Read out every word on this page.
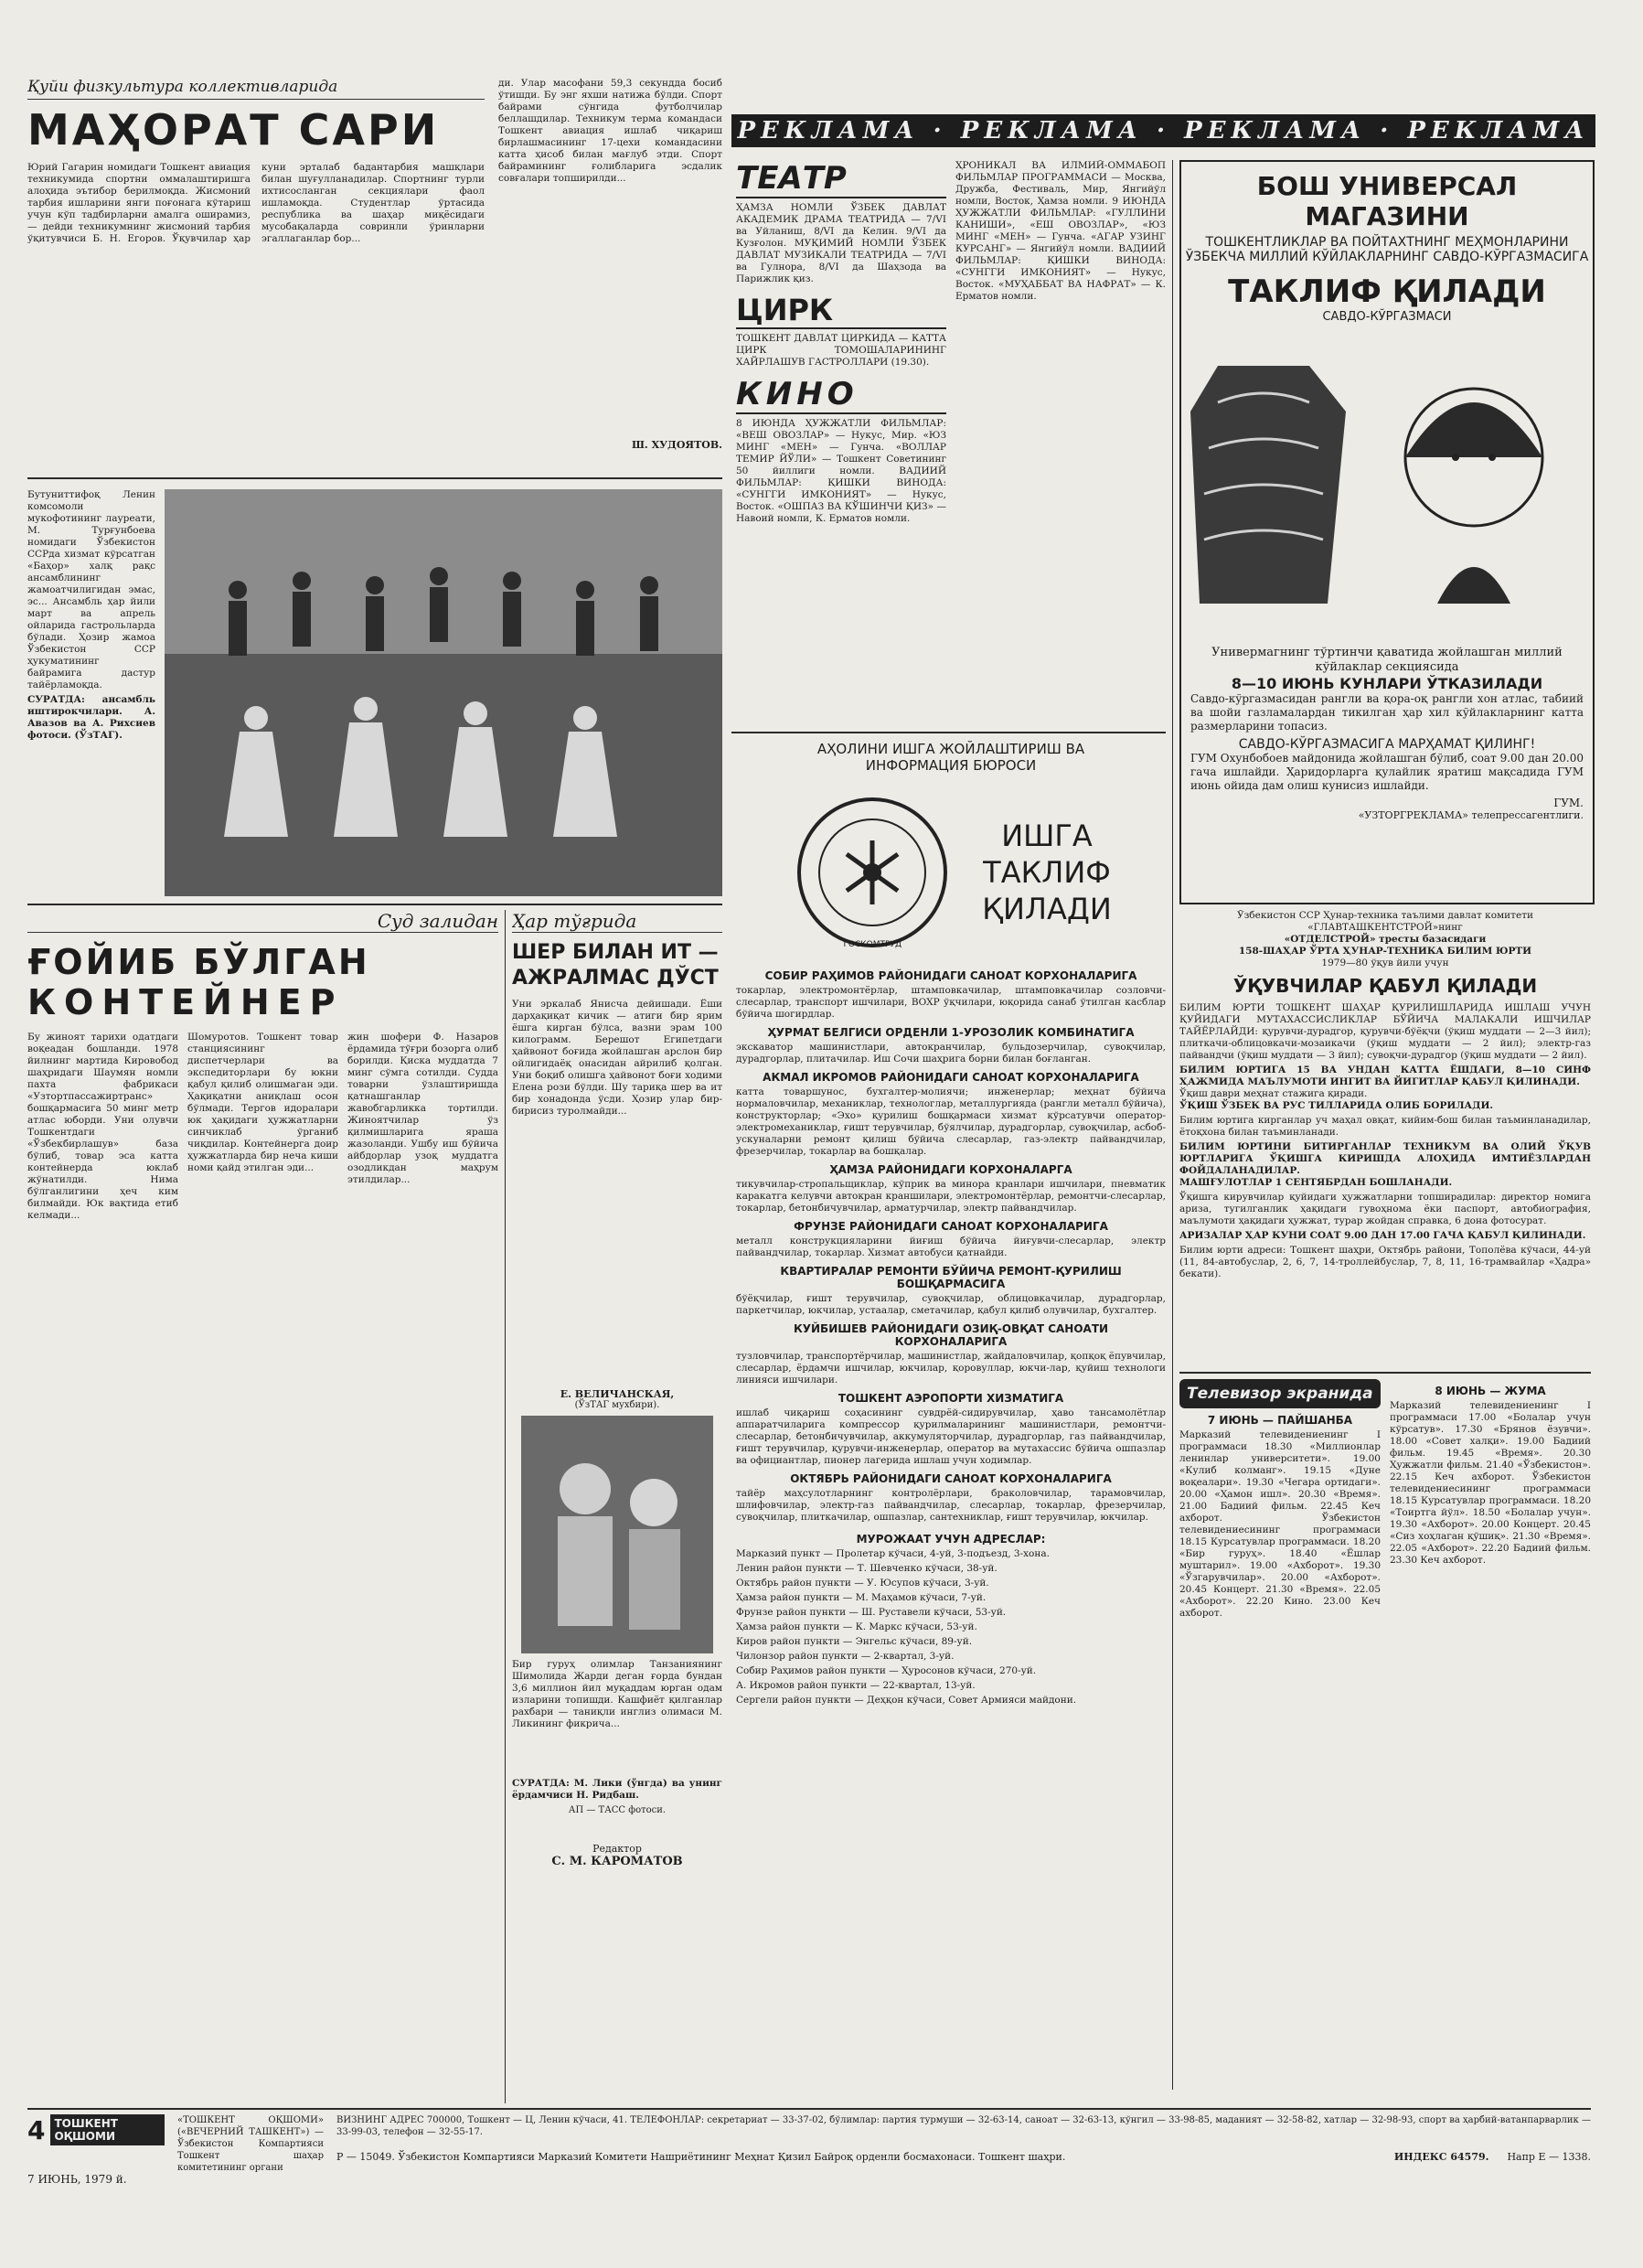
Қуйи физкультура коллективларида
МАҲОРАТ САРИ
Юрий Гагарин номидаги Тошкент авиация техникумида спортни оммалаштиришга алоҳида эътибор берилмоқда. Жисмоний тарбия ишларини янги поғонага кўтариш учун кўп тадбирларни амалга оширамиз, — дейди техникумнинг жисмоний тарбия ўқитувчиси Б. Н. Егоров. Ўқувчилар ҳар куни эрталаб бадантарбия машқлари билан шуғулланадилар. Спортнинг турли ихтисосланган секциялари фаол ишламоқда. Студентлар ўртасида республика ва шаҳар миқёсидаги мусобақаларда совринли ўринларни эгаллаганлар бор...
ди. Улар масофани 59,3 секундда босиб ўтишди. Бу энг яхши натижа бўлди. Спорт байрами сўнгида футболчилар беллашдилар. Техникум терма командаси Тошкент авиация ишлаб чиқариш бирлашмасининг 17-цехи командасини катта ҳисоб билан мағлуб этди. Спорт байрамининг ғолибларига эсдалик совғалари топширилди...
Ш. ХУДОЯТОВ.

Бутуниттифоқ Ленин комсомоли мукофотининг лауреати, М. Турғунбоева номидаги Ўзбекистон ССРда хизмат кўрсатган «Баҳор» халқ рақс ансамблининг жамоатчилигидан эмас, эс... Ансамбль ҳар йили март ва апрель ойларида гастрольларда бўлади. Ҳозир жамоа Ўзбекистон ССР ҳукуматининг байрамига дастур тайёрламоқда.

СУРАТДА: ансамбль иштирокчилари. А. Авазов ва А. Рихсиев фотоси. (ЎзТАГ).

Суд залидан
ҒОЙИБ БЎЛГАН
КОНТЕЙНЕР
Бу жиноят тарихи одатдаги воқеадан бошланди. 1978 йилнинг мартида Кировобод шаҳридаги Шаумян номли пахта фабрикаси «Узтортпассажиртранс» бошқармасига 50 минг метр атлас юборди. Уни олувчи Тошкентдаги «Ўзбекбирлашув» база бўлиб, товар эса катта контейнерда юклаб жўнатилди. Нима бўлганлигини ҳеч ким билмайди. Юк вақтида етиб келмади...
Шомуротов. Тошкент товар станциясининг диспетчерлари ва экспедиторлари бу юкни қабул қилиб олишмаган эди. Ҳақиқатни аниқлаш осон бўлмади. Тергов идоралари юк ҳақидаги ҳужжатларни синчиклаб ўрганиб чиқдилар. Контейнерга доир ҳужжатларда бир неча киши номи қайд этилган эди...
жин шофери Ф. Назаров ёрдамида тўғри бозорга олиб борилди. Қиска муддатда 7 минг сўмга сотилди. Судда товарни ўзлаштиришда қатнашганлар жавобгарликка тортилди. Жиноятчилар ўз қилмишларига яраша жазоланди. Ушбу иш бўйича айбдорлар узоқ муддатга озодликдан маҳрум этилдилар...
Ҳар тўғрида
ШЕР БИЛАН ИТ — АЖРАЛМАС ДЎСТ
Уни эркалаб Янисча дейишади. Ёши дарҳақиқат кичик — атиги бир ярим ёшга кирган бўлса, вазни эрам 100 килограмм. Берешот Египетдаги ҳайвонот боғида жойлашган арслон бир ойлигидаёқ онасидан айрилиб қолган. Уни боқиб олишга ҳайвонот боғи ходими Елена рози бўлди. Шу тариқа шер ва ит бир хонадонда ўсди. Ҳозир улар бир-бирисиз туролмайди...
Е. ВЕЛИЧАНСКАЯ,
(ЎзТАГ мухбири).
Бир гуруҳ олимлар Танзаниянинг Шимолида Жарди деган ғорда бундан 3,6 миллион йил муқаддам юрган одам изларини топишди. Кашфиёт қилганлар рахбари — таниқли инглиз олимаси М. Ликининг фикрича...
СУРАТДА: М. Лики (ўнгда) ва унинг ёрдамчиси Н. Ридбаш.
АП — ТАСС фотоси.
Редактор
С. М. КАРОМАТОВ
РЕКЛАМА · РЕКЛАМА · РЕКЛАМА · РЕКЛАМА
ТЕАТР
ҲАМЗА НОМЛИ ЎЗБЕК ДАВЛАТ АКАДЕМИК ДРАМА ТЕАТРИДА — 7/VI ва Уйланиш, 8/VI да Келин. 9/VI да Кузғолон. МУҚИМИЙ НОМЛИ ЎЗБЕК ДАВЛАТ МУЗИКАЛИ ТЕАТРИДА — 7/VI ва Гулнора, 8/VI да Шаҳзода ва Парижлик қиз.
ЦИРК
ТОШКЕНТ ДАВЛАТ ЦИРКИДА — КАТТА ЦИРК ТОМОШАЛАРИНИНГ ХАЙРЛАШУВ ГАСТРОЛЛАРИ (19.30).
КИНО
8 ИЮНДА ҲУЖЖАТЛИ ФИЛЬМЛАР: «ВЕШ ОВОЗЛАР» — Нукус, Мир. «ЮЗ МИНГ «МЕН» — Гунча. «ВОЛЛАР ТЕМИР ЙЎЛИ» — Тошкент Советининг 50 йиллиги номли. ВАДИИЙ ФИЛЬМЛАР: ҚИШКИ ВИНОДА: «СУНГГИ ИМКОНИЯТ» — Нукус, Восток. «ОШПАЗ ВА КЎШИНЧИ ҚИЗ» — Навоий номли, К. Ерматов номли.
ҲРОНИКАЛ ВА ИЛМИЙ-ОММАБОП ФИЛЬМЛАР ПРОГРАММАСИ — Москва, Дружба, Фестиваль, Мир, Янгийўл номли, Восток, Ҳамза номли. 9 ИЮНДА ҲУЖЖАТЛИ ФИЛЬМЛАР: «ГУЛЛИНИ КАНИШИ», «ЕШ ОВОЗЛАР», «ЮЗ МИНГ «МЕН» — Гунча. «АГАР УЗИНГ КУРСАНГ» — Янгийўл номли. ВАДИИЙ ФИЛЬМЛАР: ҚИШКИ ВИНОДА: «СУНГГИ ИМКОНИЯТ» — Нукус, Восток. «МУҲАББАТ ВА НАФРАТ» — К. Ерматов номли.
АҲОЛИНИ ИШГА ЖОЙЛАШТИРИШ ВА
ИНФОРМАЦИЯ БЮРОСИ
ГОСКОМТРУД
ИШГА
ТАКЛИФ
ҚИЛАДИ
СОБИР РАҲИМОВ РАЙОНИДАГИ САНОАТ КОРХОНАЛАРИГА
токарлар, электромонтёрлар, штамповкачилар, штамповкачилар созловчи-слесарлар, транспорт ишчилари, ВОХР ўқчилари, юқорида санаб ўтилган касблар бўйича шогирдлар.
ҲУРМАТ БЕЛГИСИ ОРДЕНЛИ 1-УРОЗОЛИК КОМБИНАТИГА
экскаватор машинистлари, автокранчилар, бульдозерчилар, сувоқчилар, дурадгорлар, плитачилар. Иш Сочи шаҳрига борни билан боғланган.
АКМАЛ ИКРОМОВ РАЙОНИДАГИ САНОАТ КОРХОНАЛАРИГА
катта товаршунос, бухгалтер-молиячи; инженерлар; меҳнат бўйича нормаловчилар, механиклар, технологлар, металлургияда (рангли металл бўйича), конструкторлар; «Эхо» қурилиш бошқармаси хизмат кўрсатувчи оператор-электромеханиклар, ғишт терувчилар, бўялчилар, дурадгорлар, сувоқчилар, асбоб-ускуналарни ремонт қилиш бўйича слесарлар, газ-электр пайвандчилар, фрезерчилар, токарлар ва бошқалар.
ҲАМЗА РАЙОНИДАГИ КОРХОНАЛАРГА
тикувчилар-стропальщиклар, кўприк ва минора кранлари ишчилари, пневматик каракатга келувчи автокран краншилари, электромонтёрлар, ремонтчи-слесарлар, токарлар, бетонбичувчилар, арматурчилар, электр пайвандчилар.
ФРУНЗЕ РАЙОНИДАГИ САНОАТ КОРХОНАЛАРИГА
металл конструкцияларини йиғиш бўйича йиғувчи-слесарлар, электр пайвандчилар, токарлар. Хизмат автобуси қатнайди.
КВАРТИРАЛАР РЕМОНТИ БЎЙИЧА РЕМОНТ-ҚУРИЛИШ БОШҚАРМАСИГА
бўёқчилар, ғишт терувчилар, сувоқчилар, облицовкачилар, дурадгорлар, паркетчилар, юкчилар, устаалар, сметачилар, қабул қилиб олувчилар, бухгалтер.
КУЙБИШЕВ РАЙОНИДАГИ ОЗИҚ-ОВҚАТ САНОАТИ КОРХОНАЛАРИГА
тузловчилар, транспортёрчилар, машинистлар, жайдаловчилар, қопқоқ ёпувчилар, слесарлар, ёрдамчи ишчилар, юкчилар, қоровуллар, юкчи-лар, қуйиш технологи линияси ишчилари.
ТОШКЕНТ АЭРОПОРТИ ХИЗМАТИГА
ишлаб чиқариш соҳасининг сувдрёй-сидирувчилар, ҳаво тансамолётлар аппаратчиларига компрессор қурилмаларининг машинистлари, ремонтчи-слесарлар, бетонбичувчилар, аккумуляторчилар, дурадгорлар, газ пайвандчилар, ғишт терувчилар, қурувчи-инженерлар, оператор ва мутахассис бўйича ошпазлар ва официантлар, пионер лагерида ишлаш учун ходимлар.
ОКТЯБРЬ РАЙОНИДАГИ САНОАТ КОРХОНАЛАРИГА
тайёр маҳсулотларнинг контролёрлари, браколовчилар, тарамовчилар, шлифовчилар, электр-газ пайвандчилар, слесарлар, токарлар, фрезерчилар, сувоқчилар, плиткачилар, ошпазлар, сантехниклар, ғишт терувчилар, юкчилар.
МУРОЖААТ УЧУН АДРЕСЛАР:

Марказий пункт — Пролетар кўчаси, 4-уй, 3-подъезд, 3-хона.

Ленин район пункти — Т. Шевченко кўчаси, 38-уй.

Октябрь район пункти — У. Юсупов кўчаси, 3-уй.

Ҳамза район пункти — М. Маҳамов кўчаси, 7-уй.

Фрунзе район пункти — Ш. Руставели кўчаси, 53-уй.

Ҳамза район пункти — К. Маркс кўчаси, 53-уй.

Киров район пункти — Энгельс кўчаси, 89-уй.

Чилонзор район пункти — 2-квартал, 3-уй.

Собир Раҳимов район пункти — Ҳуросонов кўчаси, 270-уй.

А. Икромов район пункти — 22-квартал, 13-уй.

Сергели район пункти — Деҳқон кўчаси, Совет Армияси майдони.

БОШ УНИВЕРСАЛ МАГАЗИНИ
ТОШКЕНТЛИКЛАР ВА ПОЙТАХТНИНГ МЕҲМОНЛАРИНИ
ЎЗБЕКЧА МИЛЛИЙ КЎЙЛАКЛАРНИНГ САВДО-КЎРГАЗМАСИГА
ТАКЛИФ ҚИЛАДИ
САВДО-КЎРГАЗМАСИ
Универмагнинг тўртинчи қаватида жойлашган миллий кўйлаклар секциясида
8—10 ИЮНЬ КУНЛАРИ ЎТКАЗИЛАДИ
Савдо-кўргазмасидан рангли ва қора-оқ рангли хон атлас, табиий ва шойи газламалардан тикилган ҳар хил кўйлакларнинг катта размерларини топасиз.
САВДО-КЎРГАЗМАСИГА МАРҲАМАТ ҚИЛИНГ!
ГУМ Охунбобоев майдонида жойлашган бўлиб, соат 9.00 дан 20.00 гача ишлайди. Ҳаридорларга қулайлик яратиш мақсадида ГУМ июнь ойида дам олиш кунисиз ишлайди.
ГУМ.
«УЗТОРГРЕКЛАМА» телепрессагентлиги.
Ўзбекистон ССР Ҳунар-техника таълими давлат комитети «ГЛАВТАШКЕНТСТРОЙ»нинг
«ОТДЕЛСТРОЙ» тресты базасидаги
158-ШАҲАР ЎРТА ҲУНАР-ТЕХНИКА БИЛИМ ЮРТИ
1979—80 ўқув йили учун
ЎҚУВЧИЛАР ҚАБУЛ ҚИЛАДИ
БИЛИМ ЮРТИ ТОШКЕНТ ШАҲАР ҚУРИЛИШЛАРИДА ИШЛАШ УЧУН ҚУЙИДАГИ МУТАХАССИСЛИКЛАР БЎЙИЧА МАЛАКАЛИ ИШЧИЛАР ТАЙЁРЛАЙДИ: қурувчи-дурадгор, қурувчи-бўёқчи (ўқиш муддати — 2—3 йил); плиткачи-облицовкачи-мозаикачи (ўқиш муддати — 2 йил); электр-газ пайвандчи (ўқиш муддати — 3 йил); сувоқчи-дурадгор (ўқиш муддати — 2 йил).
БИЛИМ ЮРТИГА 15 ВА УНДАН КАТТА ЁШДАГИ, 8—10 СИНФ ҲАЖМИДА МАЪЛУМОТИ ИНГИТ ВА ЙИГИТЛАР ҚАБУЛ ҚИЛИНАДИ.
Ўқиш даври меҳнат стажига қиради.
ЎҚИШ ЎЗБЕК ВА РУС ТИЛЛАРИДА ОЛИБ БОРИЛАДИ.
Билим юртига кирганлар уч маҳал овқат, кийим-бош билан таъминланадилар, ётоқхона билан таъминланади.
БИЛИМ ЮРТИНИ БИТИРГАНЛАР ТЕХНИКУМ ВА ОЛИЙ ЎҚУВ ЮРТЛАРИГА ЎҚИШГА КИРИШДА АЛОҲИДА ИМТИЁЗЛАРДАН ФОЙДАЛАНАДИЛАР.
МАШҒУЛОТЛАР 1 СЕНТЯБРДАН БОШЛАНАДИ.
Ўқишга кирувчилар қуйидаги ҳужжатларни топширадилар: директор номига ариза, тугилганлик ҳақидаги гувоҳнома ёки паспорт, автобиография, маълумоти ҳақидаги ҳужжат, турар жойдан справка, 6 дона фотосурат.
АРИЗАЛАР ҲАР КУНИ СОАТ 9.00 ДАН 17.00 ГАЧА ҚАБУЛ ҚИЛИНАДИ.
Билим юрти адреси: Тошкент шаҳри, Октябрь райони, Тополёва кўчаси, 44-уй (11, 84-автобуслар, 2, 6, 7, 14-троллейбуслар, 7, 8, 11, 16-трамвайлар «Ҳадра» бекати).
Телевизор экранида
7 ИЮНЬ — ПАЙШАНБА
Марказий телевидениенинг I программаси 18.30 «Миллионлар ленинлар университети». 19.00 «Кулиб колманг». 19.15 «Дуне воқеалари». 19.30 «Чегара ортидаги». 20.00 «Ҳамон ишл». 20.30 «Время». 21.00 Бадиий фильм. 22.45 Кеч ахборот. Ўзбекистон телевидениесининг программаси 18.15 Курсатувлар программаси. 18.20 «Бир гуруҳ». 18.40 «Ёшлар муштарил». 19.00 «Ахборот». 19.30 «Ўзгарувчилар». 20.00 «Ахборот». 20.45 Концерт. 21.30 «Время». 22.05 «Ахборот». 22.20 Кино. 23.00 Кеч ахборот.
8 ИЮНЬ — ЖУМА
Марказий телевидениенинг I программаси 17.00 «Болалар учун кўрсатув». 17.30 «Брянов ёзувчи». 18.00 «Совет халқи». 19.00 Бадиий фильм. 19.45 «Время». 20.30 Ҳужжатли фильм. 21.40 «Ўзбекистон». 22.15 Кеч ахборот. Ўзбекистон телевидениесининг программаси 18.15 Курсатувлар программаси. 18.20 «Тоиртга йўл». 18.50 «Болалар учун». 19.30 «Ахборот». 20.00 Концерт. 20.45 «Сиз хоҳлаган қўшиқ». 21.30 «Время». 22.05 «Ахборот». 22.20 Бадиий фильм. 23.30 Кеч ахборот.
4 ТОШКЕНТ ОҚШОМИ
7 ИЮНЬ, 1979 й.
«ТОШКЕНТ ОҚШОМИ» («ВЕЧЕРНИЙ ТАШКЕНТ») — Ўзбекистон Компартияси Тошкент шаҳар комитетининг органи
ВИЗНИНГ АДРЕС 700000, Тошкент — Ц, Ленин кўчаси, 41. ТЕЛЕФОНЛАР: секретариат — 33-37-02, бўлимлар: партия турмуши — 32-63-14, саноат — 32-63-13, кўнгил — 33-98-85, маданият — 32-58-82, хатлар — 32-98-93, спорт ва ҳарбий-ватанпарварлик — 33-99-03, телефон — 32-55-17.
Р — 15049. Ўзбекистон Компартияси Марказий Комитети Нашриётининг Меҳнат Қизил Байроқ орденли босмахонаси. Тошкент шаҳри.	ИНДЕКС 64579. Напр Е — 1338.
